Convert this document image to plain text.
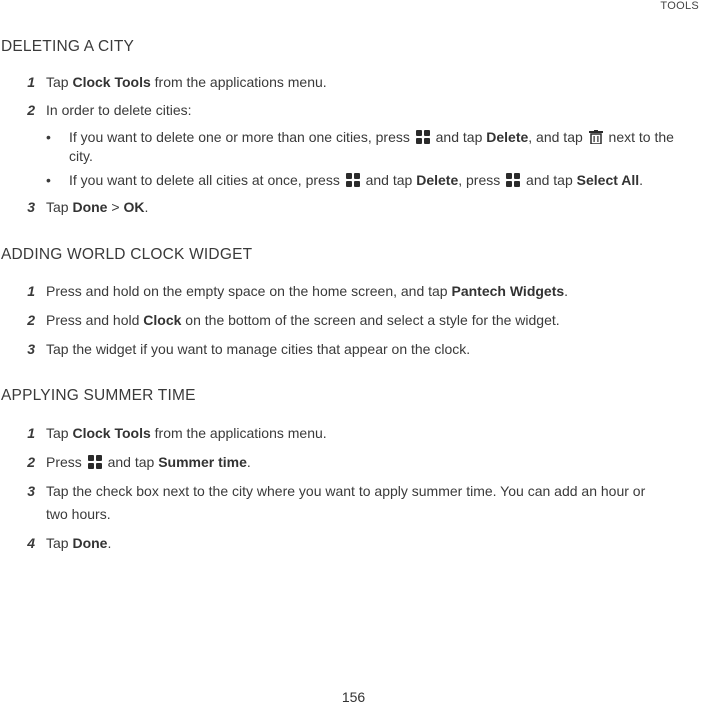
TOOLS
DELETING A CITY
1 Tap Clock Tools from the applications menu.
2 In order to delete cities:
• If you want to delete one or more than one cities, press  and tap Delete, and tap  next to the city.
• If you want to delete all cities at once, press  and tap Delete, press  and tap Select All.
3 Tap Done > OK.
ADDING WORLD CLOCK WIDGET
1 Press and hold on the empty space on the home screen, and tap Pantech Widgets.
2 Press and hold Clock on the bottom of the screen and select a style for the widget.
3 Tap the widget if you want to manage cities that appear on the clock.
APPLYING SUMMER TIME
1 Tap Clock Tools from the applications menu.
2 Press  and tap Summer time.
3 Tap the check box next to the city where you want to apply summer time. You can add an hour or
two hours.
4 Tap Done.
156
